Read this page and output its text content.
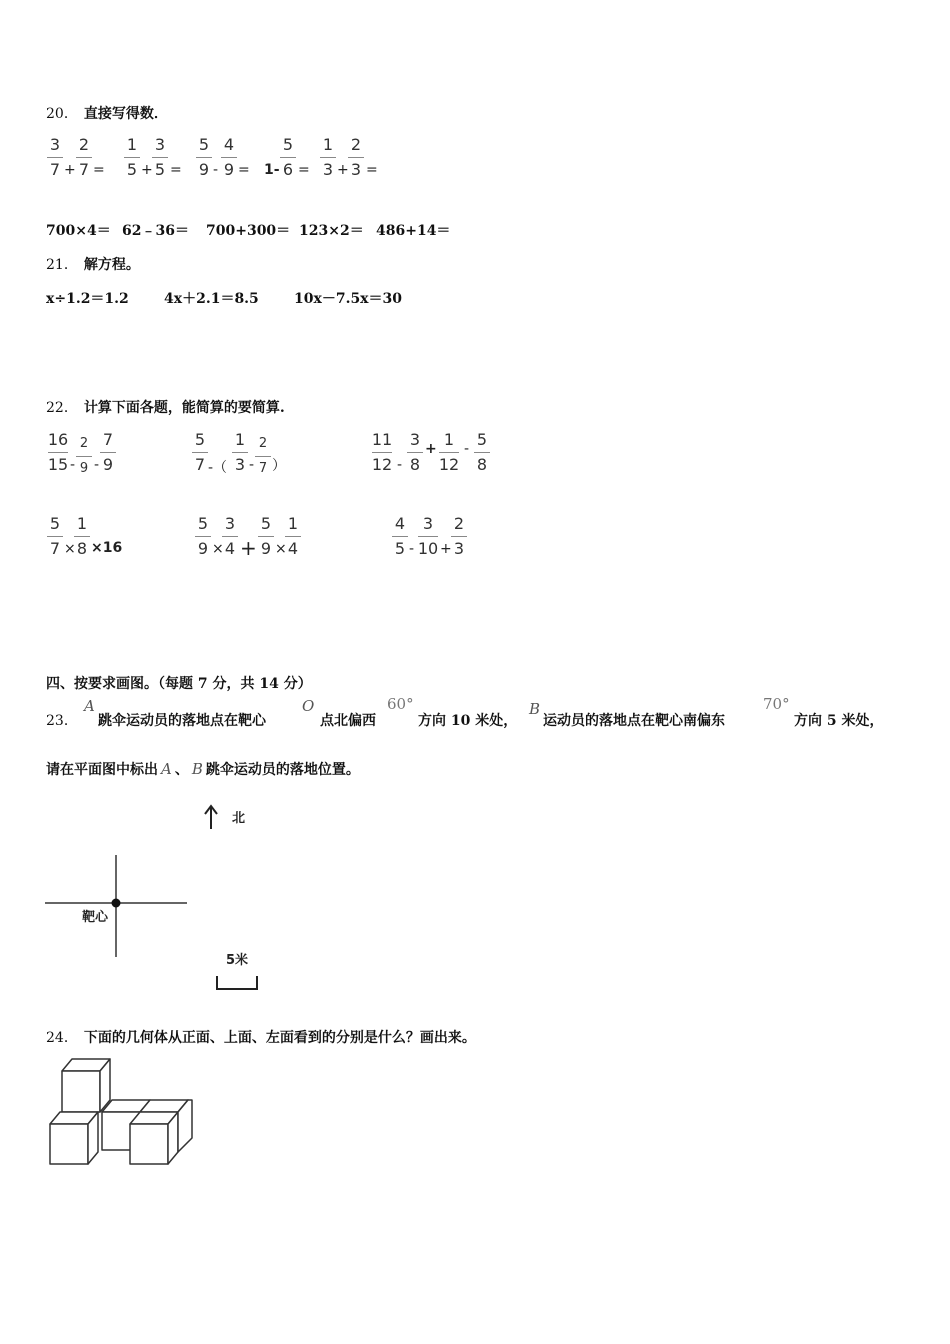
20． 直接写得数．
3
7 +
2
7 =
1
5 +
3
5 =
5
9 -
4
9 = 1-
5
6 =
1
3 +
2
3 =
700×4＝ 62﹣36＝ 700+300＝ 123×2＝ 486+14＝
21． 解方程。
x÷1.2＝1.2	4x＋2.1＝8.5	10x－7.5x＝30
22． 计算下面各题，能简算的要简算.
16
15 -
2
9 -
7
9
5
7 -（
1
3 -
2
7 ）
11
12 -
3
8
+ 1
12
- 5
8
5
7 ×
1
8 ×16
5
9 ×
3
4 +
5
9 ×
1
4
4
5 -
3
10 +
2
3
四、按要求画图。（每题 7 分，共 14 分）
23．
A
跳伞运动员的落地点在靶心
O
点北偏西
60°
方向 10 米处，
B
运动员的落地点在靶心南偏东
70°
方向 5 米处，
请在平面图中标出 A 、 B 跳伞运动员的落地位置。
北
靶心
5米
24． 下面的几何体从正面、上面、左面看到的分别是什么？画出来。
